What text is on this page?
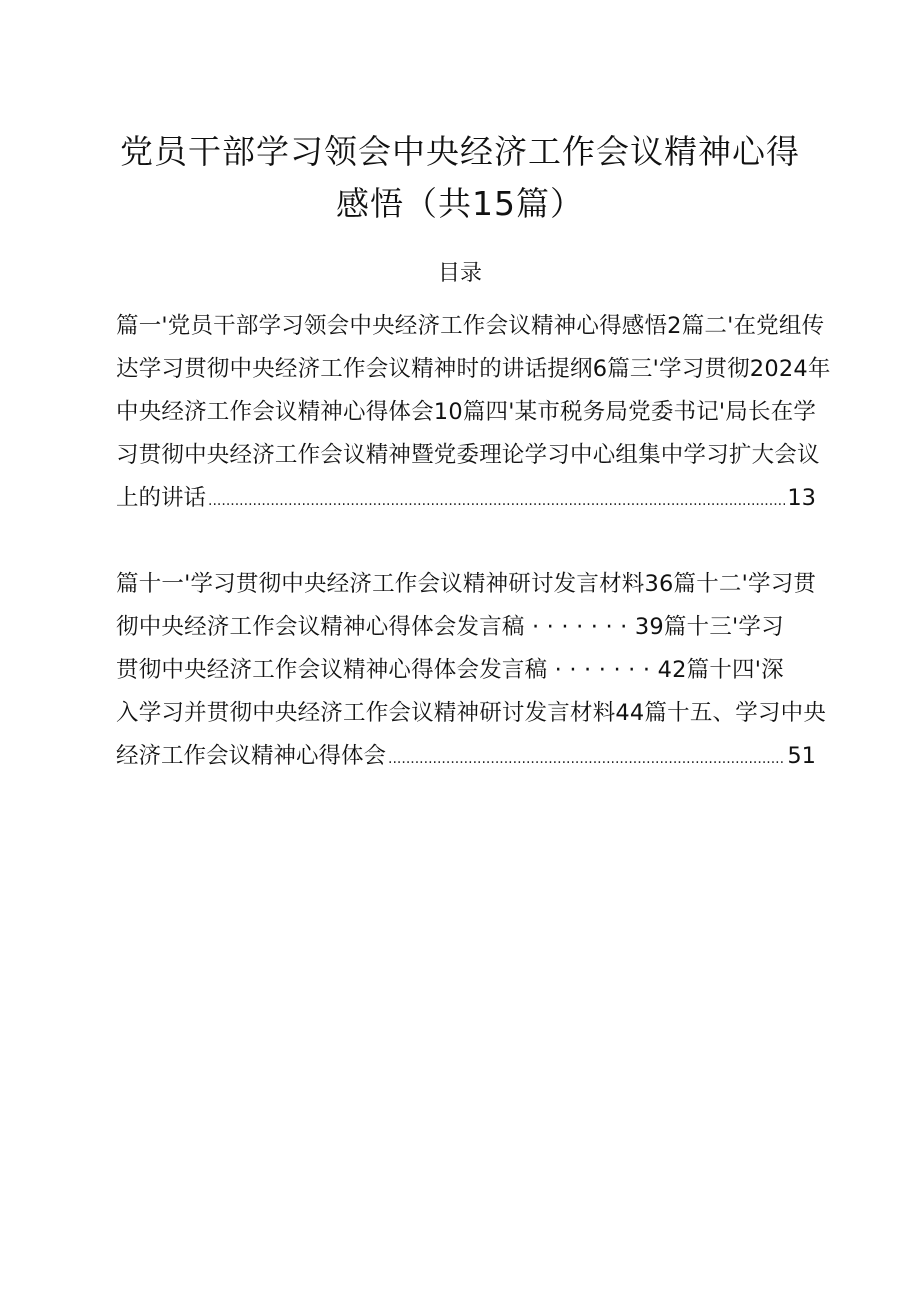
党员干部学习领会中央经济工作会议精神心得
感悟（共15篇）
目录
篇一'党员干部学习领会中央经济工作会议精神心得感悟2篇二'在党组传
达学习贯彻中央经济工作会议精神时的讲话提纲6篇三'学习贯彻2024年
中央经济工作会议精神心得体会10篇四'某市税务局党委书记'局长在学
习贯彻中央经济工作会议精神暨党委理论学习中心组集中学习扩大会议
上的讲话 .....	13
篇十一'学习贯彻中央经济工作会议精神研讨发言材料36篇十二'学习贯
彻中央经济工作会议精神心得体会发言稿 · · · · · · · 39篇十三'学习
贯彻中央经济工作会议精神心得体会发言稿 · · · · · · · 42篇十四'深
入学习并贯彻中央经济工作会议精神研讨发言材料44篇十五、学习中央
经济工作会议精神心得体会 .....	51
